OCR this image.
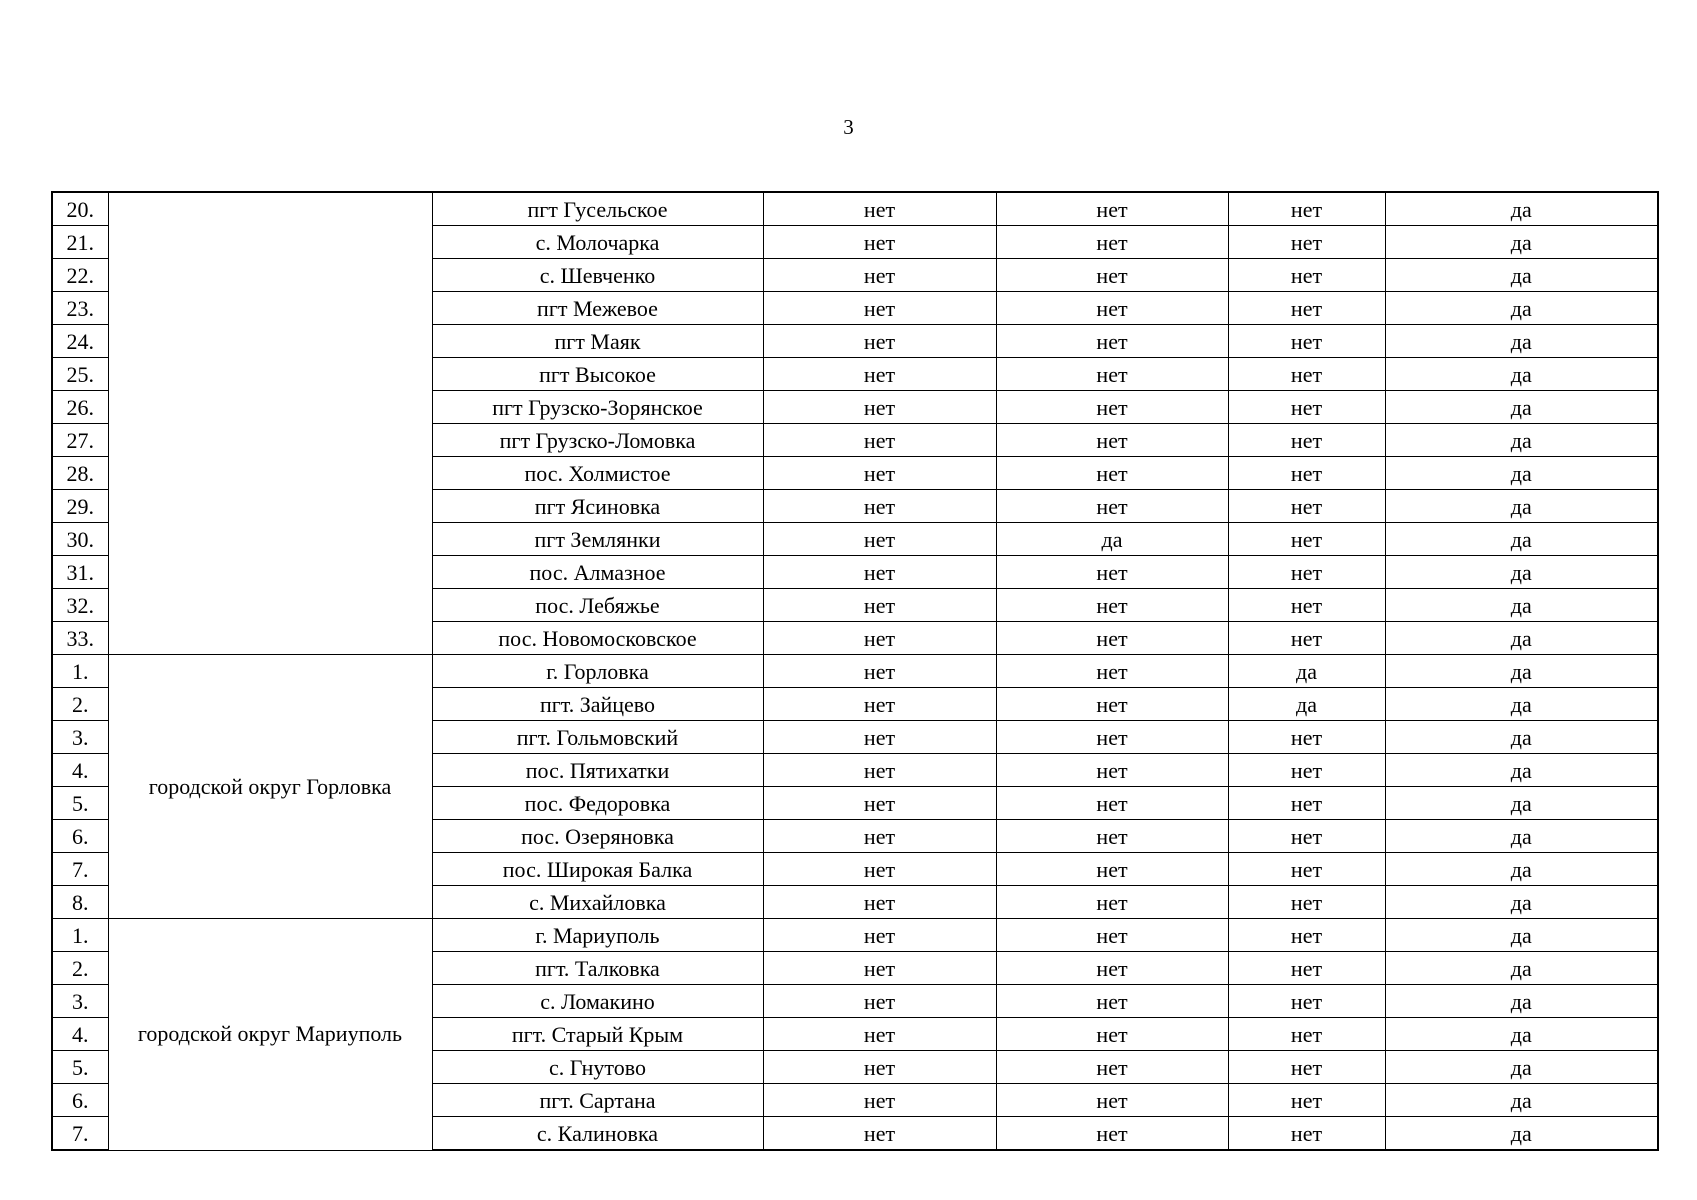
3
20.		пгт Гусельское	нет	нет	нет	да
21.		с. Молочарка	нет	нет	нет	да
22.		с. Шевченко	нет	нет	нет	да
23.		пгт Межевое	нет	нет	нет	да
24.		пгт Маяк	нет	нет	нет	да
25.		пгт Высокое	нет	нет	нет	да
26.		пгт Грузско-Зорянское	нет	нет	нет	да
27.		пгт Грузско-Ломовка	нет	нет	нет	да
28.		пос. Холмистое	нет	нет	нет	да
29.		пгт Ясиновка	нет	нет	нет	да
30.		пгт Землянки	нет	да	нет	да
31.		пос. Алмазное	нет	нет	нет	да
32.		пос. Лебяжье	нет	нет	нет	да
33.		пос. Новомосковское	нет	нет	нет	да
1.	городской округ Горловка	г. Горловка	нет	нет	да	да
2.		пгт. Зайцево	нет	нет	да	да
3.		пгт. Гольмовский	нет	нет	нет	да
4.		пос. Пятихатки	нет	нет	нет	да
5.		пос. Федоровка	нет	нет	нет	да
6.		пос. Озеряновка	нет	нет	нет	да
7.		пос. Широкая Балка	нет	нет	нет	да
8.		с. Михайловка	нет	нет	нет	да
1.	городской округ Мариуполь	г. Мариуполь	нет	нет	нет	да
2.		пгт. Талковка	нет	нет	нет	да
3.		с. Ломакино	нет	нет	нет	да
4.		пгт. Старый Крым	нет	нет	нет	да
5.		с. Гнутово	нет	нет	нет	да
6.		пгт. Сартана	нет	нет	нет	да
7.		с. Калиновка	нет	нет	нет	да
